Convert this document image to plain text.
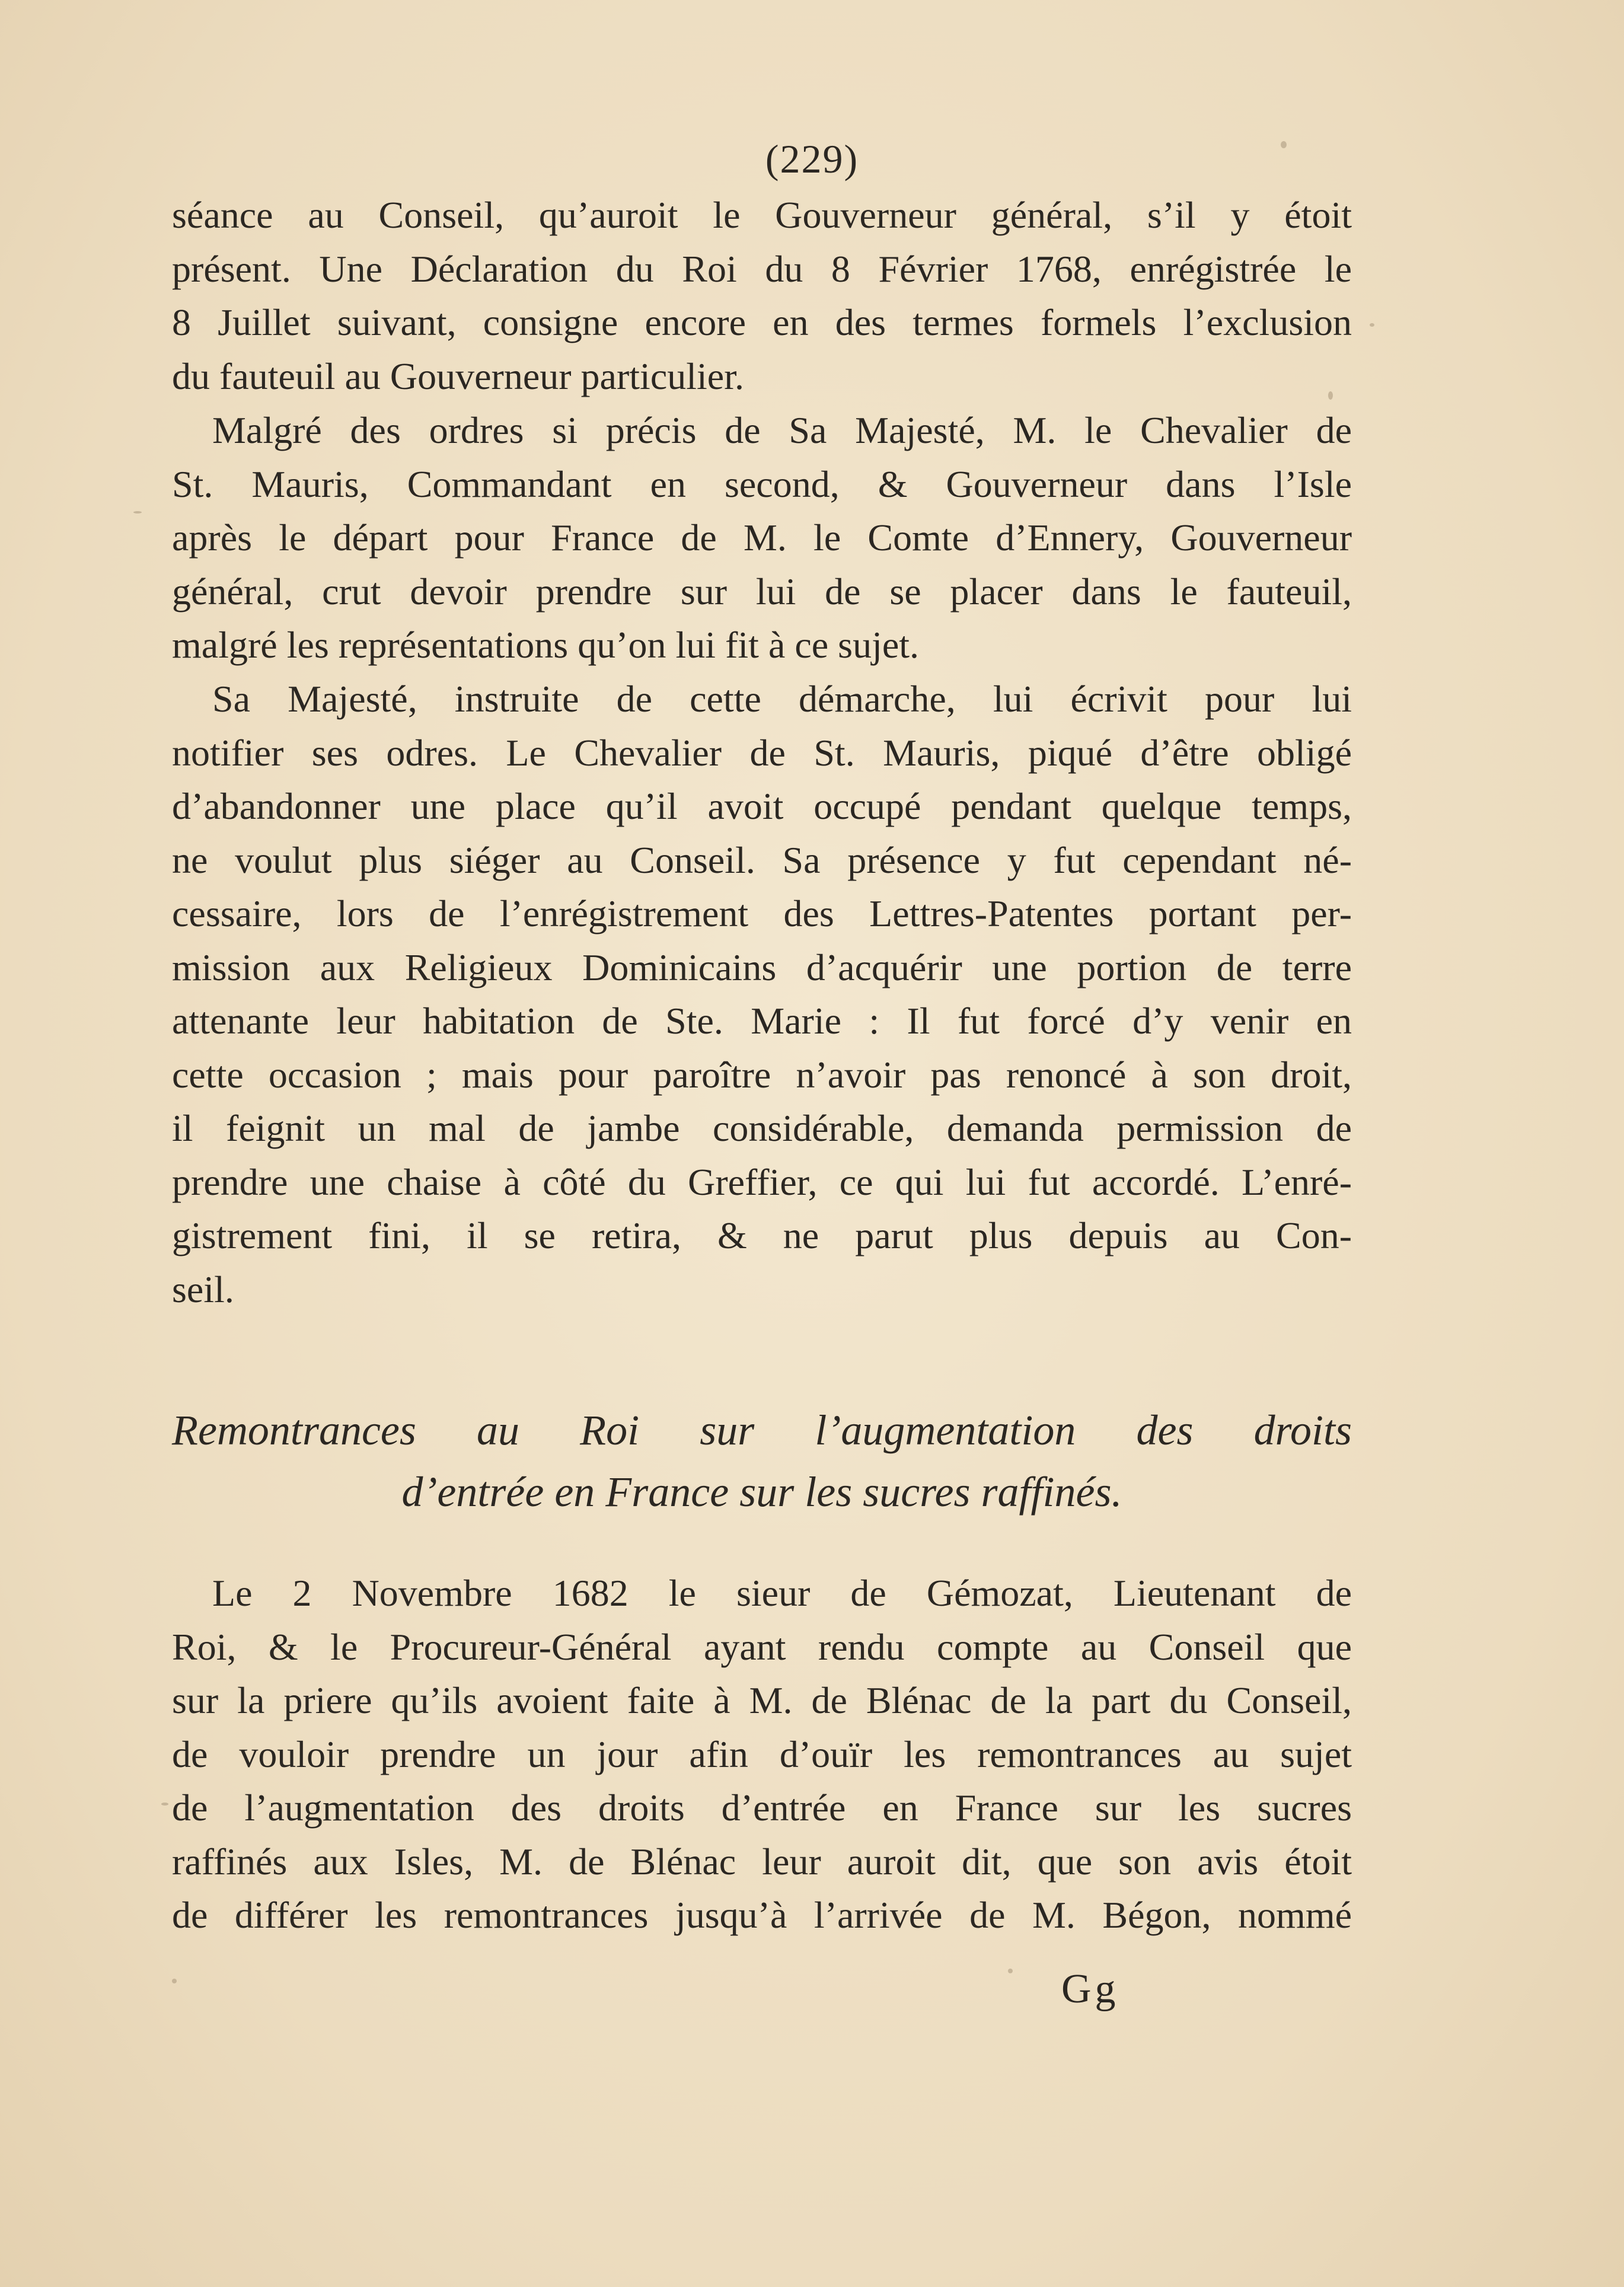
(229)

séance au Conseil, qu’auroit le Gouverneur général, s’il y étoit
présent. Une Déclaration du Roi du 8 Février 1768, enrégistrée le
8 Juillet suivant, consigne encore en des termes formels l’exclusion
du fauteuil au Gouverneur particulier.

Malgré des ordres si précis de Sa Majesté, M. le Chevalier de
St. Mauris, Commandant en second, & Gouverneur dans l’Isle
après le départ pour France de M. le Comte d’Ennery, Gouverneur
général, crut devoir prendre sur lui de se placer dans le fauteuil,
malgré les représentations qu’on lui fit à ce sujet.

Sa Majesté, instruite de cette démarche, lui écrivit pour lui
notifier ses odres. Le Chevalier de St. Mauris, piqué d’être obligé
d’abandonner une place qu’il avoit occupé pendant quelque temps,
ne voulut plus siéger au Conseil. Sa présence y fut cependant né-
cessaire, lors de l’enrégistrement des Lettres-Patentes portant per-
mission aux Religieux Dominicains d’acquérir une portion de terre
attenante leur habitation de Ste. Marie : Il fut forcé d’y venir en
cette occasion ; mais pour paroître n’avoir pas renoncé à son droit,
il feignit un mal de jambe considérable, demanda permission de
prendre une chaise à côté du Greffier, ce qui lui fut accordé. L’enré-
gistrement fini, il se retira, & ne parut plus depuis au Con-
seil.

Remontrances au Roi sur l’augmentation des droits
d’entrée en France sur les sucres raffinés.

Le 2 Novembre 1682 le sieur de Gémozat, Lieutenant de
Roi, & le Procureur-Général ayant rendu compte au Conseil que
sur la priere qu’ils avoient faite à M. de Blénac de la part du Conseil,
de vouloir prendre un jour afin d’ouïr les remontrances au sujet
de l’augmentation des droits d’entrée en France sur les sucres
raffinés aux Isles, M. de Blénac leur auroit dit, que son avis étoit
de différer les remontrances jusqu’à l’arrivée de M. Bégon, nommé

Gg
